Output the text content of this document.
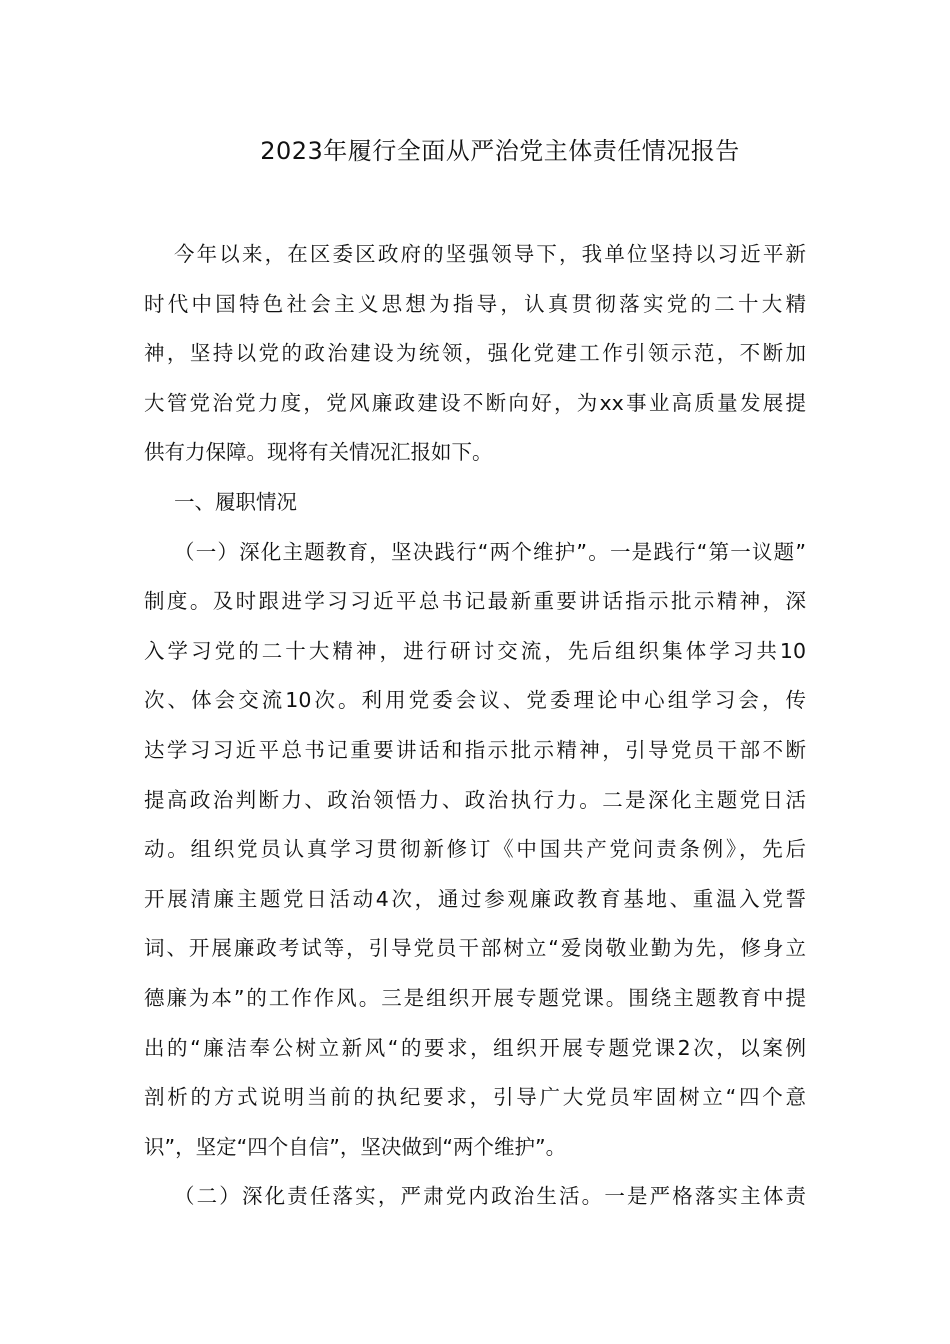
2023年履行全面从严治党主体责任情况报告
今年以来，在区委区政府的坚强领导下，我单位坚持以习近平新
时代中国特色社会主义思想为指导，认真贯彻落实党的二十大精
神，坚持以党的政治建设为统领，强化党建工作引领示范，不断加
大管党治党力度，党风廉政建设不断向好，为xx事业高质量发展提
供有力保障。现将有关情况汇报如下。
一、履职情况
（一）深化主题教育，坚决践行“两个维护”。一是践行“第一议题”
制度。及时跟进学习习近平总书记最新重要讲话指示批示精神，深
入学习党的二十大精神，进行研讨交流，先后组织集体学习共10
次、体会交流10次。利用党委会议、党委理论中心组学习会，传
达学习习近平总书记重要讲话和指示批示精神，引导党员干部不断
提高政治判断力、政治领悟力、政治执行力。二是深化主题党日活
动。组织党员认真学习贯彻新修订《中国共产党问责条例》，先后
开展清廉主题党日活动4次，通过参观廉政教育基地、重温入党誓
词、开展廉政考试等，引导党员干部树立“爱岗敬业勤为先，修身立
德廉为本”的工作作风。三是组织开展专题党课。围绕主题教育中提
出的“廉洁奉公树立新风“的要求，组织开展专题党课2次，以案例
剖析的方式说明当前的执纪要求，引导广大党员牢固树立“四个意
识”，坚定“四个自信”，坚决做到“两个维护”。
（二）深化责任落实，严肃党内政治生活。一是严格落实主体责
